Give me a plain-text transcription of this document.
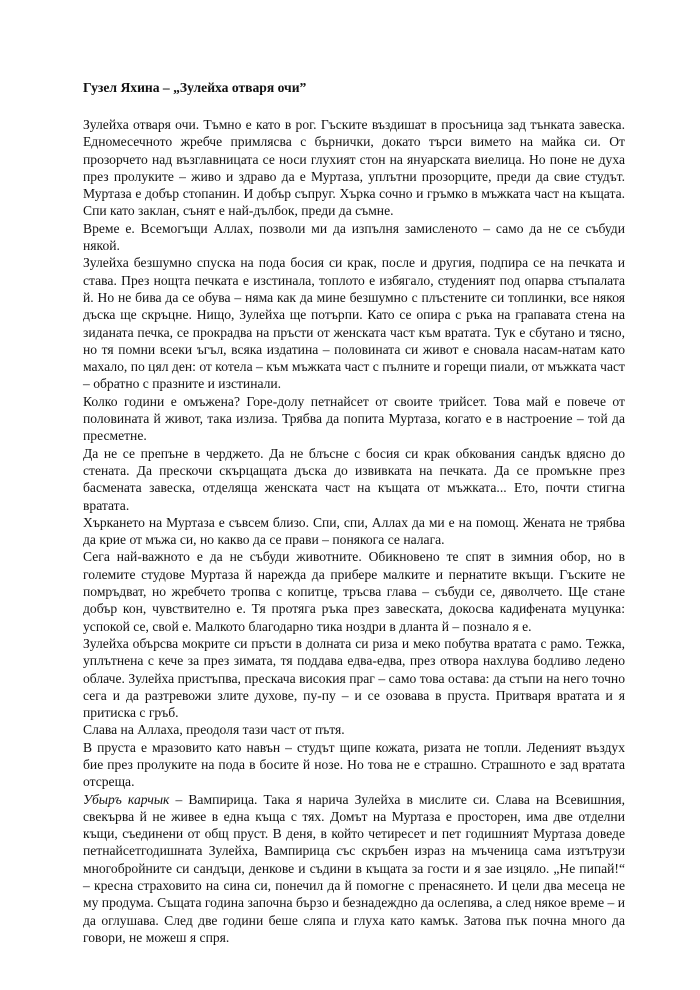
Гузел Яхина – „Зулейха отваря очи”

Зулейха отваря очи. Тъмно е като в рог. Гъските въздишат в просъница зад тънката завеска. Едномесечното жребче примлясва с бърнички, докато търси вимето на майка си. От прозорчето над възглавницата се носи глухият стон на януарската виелица. Но поне не духа през пролуките – живо и здраво да е Муртаза, уплътни прозорците, преди да свие студът. Муртаза е добър стопанин. И добър съпруг. Хърка сочно и гръмко в мъжката част на къщата. Спи като заклан, сънят е най-дълбок, преди да съмне.

Време е. Всемогъщи Аллах, позволи ми да изпълня замисленото – само да не се събуди някой.

Зулейха безшумно спуска на пода босия си крак, после и другия, подпира се на печката и става. През нощта печката е изстинала, топлото е избягало, студеният под опарва стъпалата й. Но не бива да се обува – няма как да мине безшумно с плъстените си топлинки, все някоя дъска ще скръцне. Нищо, Зулейха ще потърпи. Като се опира с ръка на грапавата стена на зиданата печка, се прокрадва на пръсти от женската част към вратата. Тук е сбутано и тясно, но тя помни всеки ъгъл, всяка издатина – половината си живот е сновала насам-натам като махало, по цял ден: от котела – към мъжката част с пълните и горещи пиали, от мъжката част – обратно с празните и изстинали.

Колко години е омъжена? Горе-долу петнайсет от своите трийсет. Това май е повече от половината й живот, така излиза. Трябва да попита Муртаза, когато е в настроение – той да пресметне.

Да не се препъне в черджето. Да не блъсне с босия си крак обкования сандък вдясно до стената. Да прескочи скърцащата дъска до извивката на печката. Да се промъкне през басмената завеска, отделяща женската част на къщата от мъжката... Ето, почти стигна вратата.

Хъркането на Муртаза е съвсем близо. Спи, спи, Аллах да ми е на помощ. Жената не трябва да крие от мъжа си, но какво да се прави – понякога се налага.

Сега най-важното е да не събуди животните. Обикновено те спят в зимния обор, но в големите студове Муртаза й нарежда да прибере малките и пернатите вкъщи. Гъските не помръдват, но жребчето тропва с копитце, тръсва глава – събуди се, дяволчето. Ще стане добър кон, чувствително е. Тя протяга ръка през завеската, докосва кадифената муцунка: успокой се, свой е. Малкото благодарно тика ноздри в дланта й – познало я е.

Зулейха обърсва мокрите си пръсти в долната си риза и меко побутва вратата с рамо. Тежка, уплътнена с кече за през зимата, тя поддава едва-едва, през отвора нахлува бодливо ледено облаче. Зулейха пристъпва, прескача високия праг – само това остава: да стъпи на него точно сега и да разтревожи злите духове, пу-пу – и се озовава в пруста. Притваря вратата и я притиска с гръб.

Слава на Аллаха, преодоля тази част от пътя.

В пруста е мразовито като навън – студът щипе кожата, ризата не топли. Леденият въздух бие през пролуките на пода в босите й нозе. Но това не е страшно. Страшното е зад вратата отсреща.

Убыръ карчык – Вампирица. Така я нарича Зулейха в мислите си. Слава на Всевишния, свекърва й не живее в една къща с тях. Домът на Муртаза е просторен, има две отделни къщи, съединени от общ пруст. В деня, в който четиресет и пет годишният Муртаза доведе петнайсетгодишната Зулейха, Вампирица със скръбен израз на мъченица сама изтътрузи многобройните си сандъци, денкове и съдини в къщата за гости и я зае изцяло. „Не пипай!“ – кресна страховито на сина си, понечил да й помогне с пренасянето. И цели два месеца не му продума. Същата година започна бързо и безнадеждно да ослепява, а след някое време – и да оглушава. След две години беше сляпа и глуха като камък. Затова пък почна много да говори, не можеш я спря.
